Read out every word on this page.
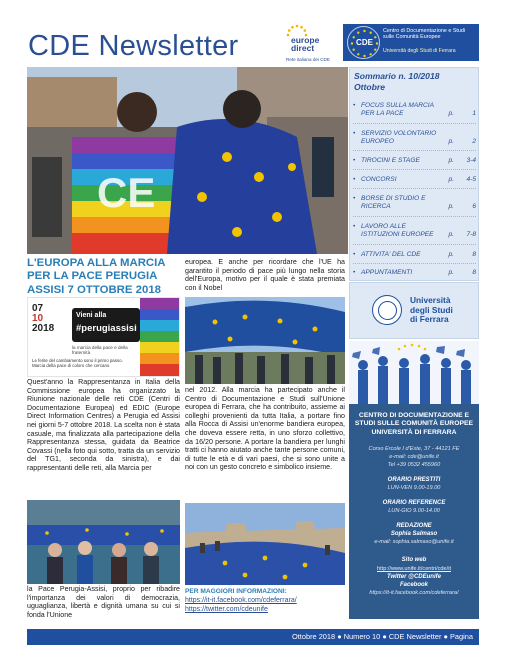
CDE Newsletter	europe
direct
Rete italiana dei CDE
CDE
Centro di Documentazione e Studi sulle Comunità Europee
Università degli Studi di Ferrara
CE
Sommario n. 10/2018
Ottobre
• FOCUS SULLA MARCIA PER LA PACE	p.	1
• SERVIZIO VOLONTARIO EUROPEO	p.	2
• TIROCINI E STAGE	p. 3-4
• CONCORSI	p. 4-5
• BORSE DI STUDIO E RICERCA	p.	6
• LAVORO ALLE ISTITUZIONI EUROPEE	p. 7-8
• ATTIVITA' DEL CDE	p.	8
• APPUNTAMENTI	p.	8
Università
degli Studi
di Ferrara
CENTRO DI DOCUMENTAZIONE E STUDI SULLE COMUNITÀ EUROPEE UNIVERSITÀ DI FERRARA
Corso Ercole I d'Este, 37 - 44121 FE
e-mail: cde@unife.it
Tel +39 0532 455960
ORARIO PRESTITI
LUN-VEN 9.00-19.00
ORARIO REFERENCE
LUN-GIO 9.00-14.00
REDAZIONE
Sophia Salmaso
e-mail: sophia.salmaso@unife.it
Sito web
http://www.unife.it/centri/cde/it
Twitter @CDEunife
Facebook
https://it-it.facebook.com/cdeferrara/
L'EUROPA ALLA MARCIA PER LA PACE PERUGIA ASSISI 7 OTTOBRE 2018
07
10
2018
Vieni alla
#perugiassisi
la marcia della pace e della fraternità
Le ferite del cambiamento sono il primo passo. Marcia della pace di coloro che cercano
Quest'anno la Rappresentanza in Italia della Commissione europea ha organizzato la Riunione nazionale delle reti CDE (Centri di Documentazione Europea) ed EDIC (Europe Direct Information Centres) a Perugia ed Assisi nei giorni 5-7 ottobre 2018. La scelta non è stata casuale, ma finalizzata alla partecipazione della Rappresentanza stessa, guidata da Beatrice Covassi (nella foto qui sotto, tratta da un servizio del TG1, seconda da sinistra), e dai rappresentanti delle reti, alla Marcia per
europea. E anche per ricordare che l'UE ha garantito il periodo di pace più lungo nella storia dell'Europa, motivo per il quale è stata premiata con il Nobel
nel 2012. Alla marcia ha partecipato anche il Centro di Documentazione e Studi sull'Unione europea di Ferrara, che ha contribuito, assieme ai colleghi provenienti da tutta Italia, a portare fino alla Rocca di Assisi un'enorme bandiera europea, che doveva essere retta, in uno sforzo collettivo, da 16/20 persone. A portare la bandiera per lunghi tratti ci hanno aiutato anche tante persone comuni, di tutte le età e di vari paesi, che si sono unite a noi con un gesto concreto e simbolico insieme.
la Pace Perugia-Assisi, proprio per ribadire l'importanza dei valori di democrazia, uguaglianza, libertà e dignità umana su cui si fonda l'Unione
PER MAGGIORI INFORMAZIONI:
https://it-it.facebook.com/cdeferrara/
https://twitter.com/cdeunife
Ottobre 2018 ● Numero 10 ● CDE Newsletter ● Pagina
